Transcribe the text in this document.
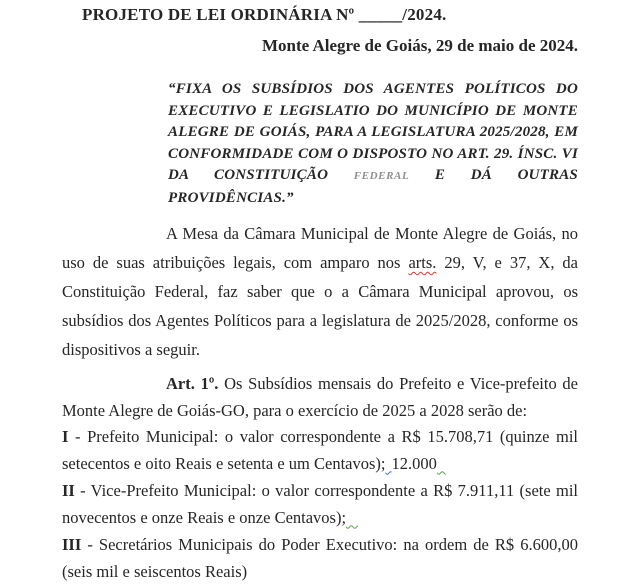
PROJETO DE LEI ORDINÁRIA Nº _____/2024.
Monte Alegre de Goiás, 29 de maio de 2024.
“FIXA OS SUBSÍDIOS DOS AGENTES POLÍTICOS DO EXECUTIVO E LEGISLATIO DO MUNICÍPIO DE MONTE ALEGRE DE GOIÁS, PARA A LEGISLATURA 2025/2028, EM CONFORMIDADE COM O DISPOSTO NO ART. 29. ÍNSC. VI DA CONSTITUIÇÃO FEDERAL E DÁ OUTRAS PROVIDÊNCIAS.”
A Mesa da Câmara Municipal de Monte Alegre de Goiás, no uso de suas atribuições legais, com amparo nos arts. 29, V, e 37, X, da Constituição Federal, faz saber que o a Câmara Municipal aprovou, os subsídios dos Agentes Políticos para a legislatura de 2025/2028, conforme os dispositivos a seguir.
Art. 1º. Os Subsídios mensais do Prefeito e Vice-prefeito de Monte Alegre de Goiás-GO, para o exercício de 2025 a 2028 serão de:
I - Prefeito Municipal: o valor correspondente a R$ 15.708,71 (quinze mil setecentos e oito Reais e setenta e um Centavos); 12.000
II - Vice-Prefeito Municipal: o valor correspondente a R$ 7.911,11 (sete mil novecentos e onze Reais e onze Centavos);
III - Secretários Municipais do Poder Executivo: na ordem de R$ 6.600,00 (seis mil e seiscentos Reais)
